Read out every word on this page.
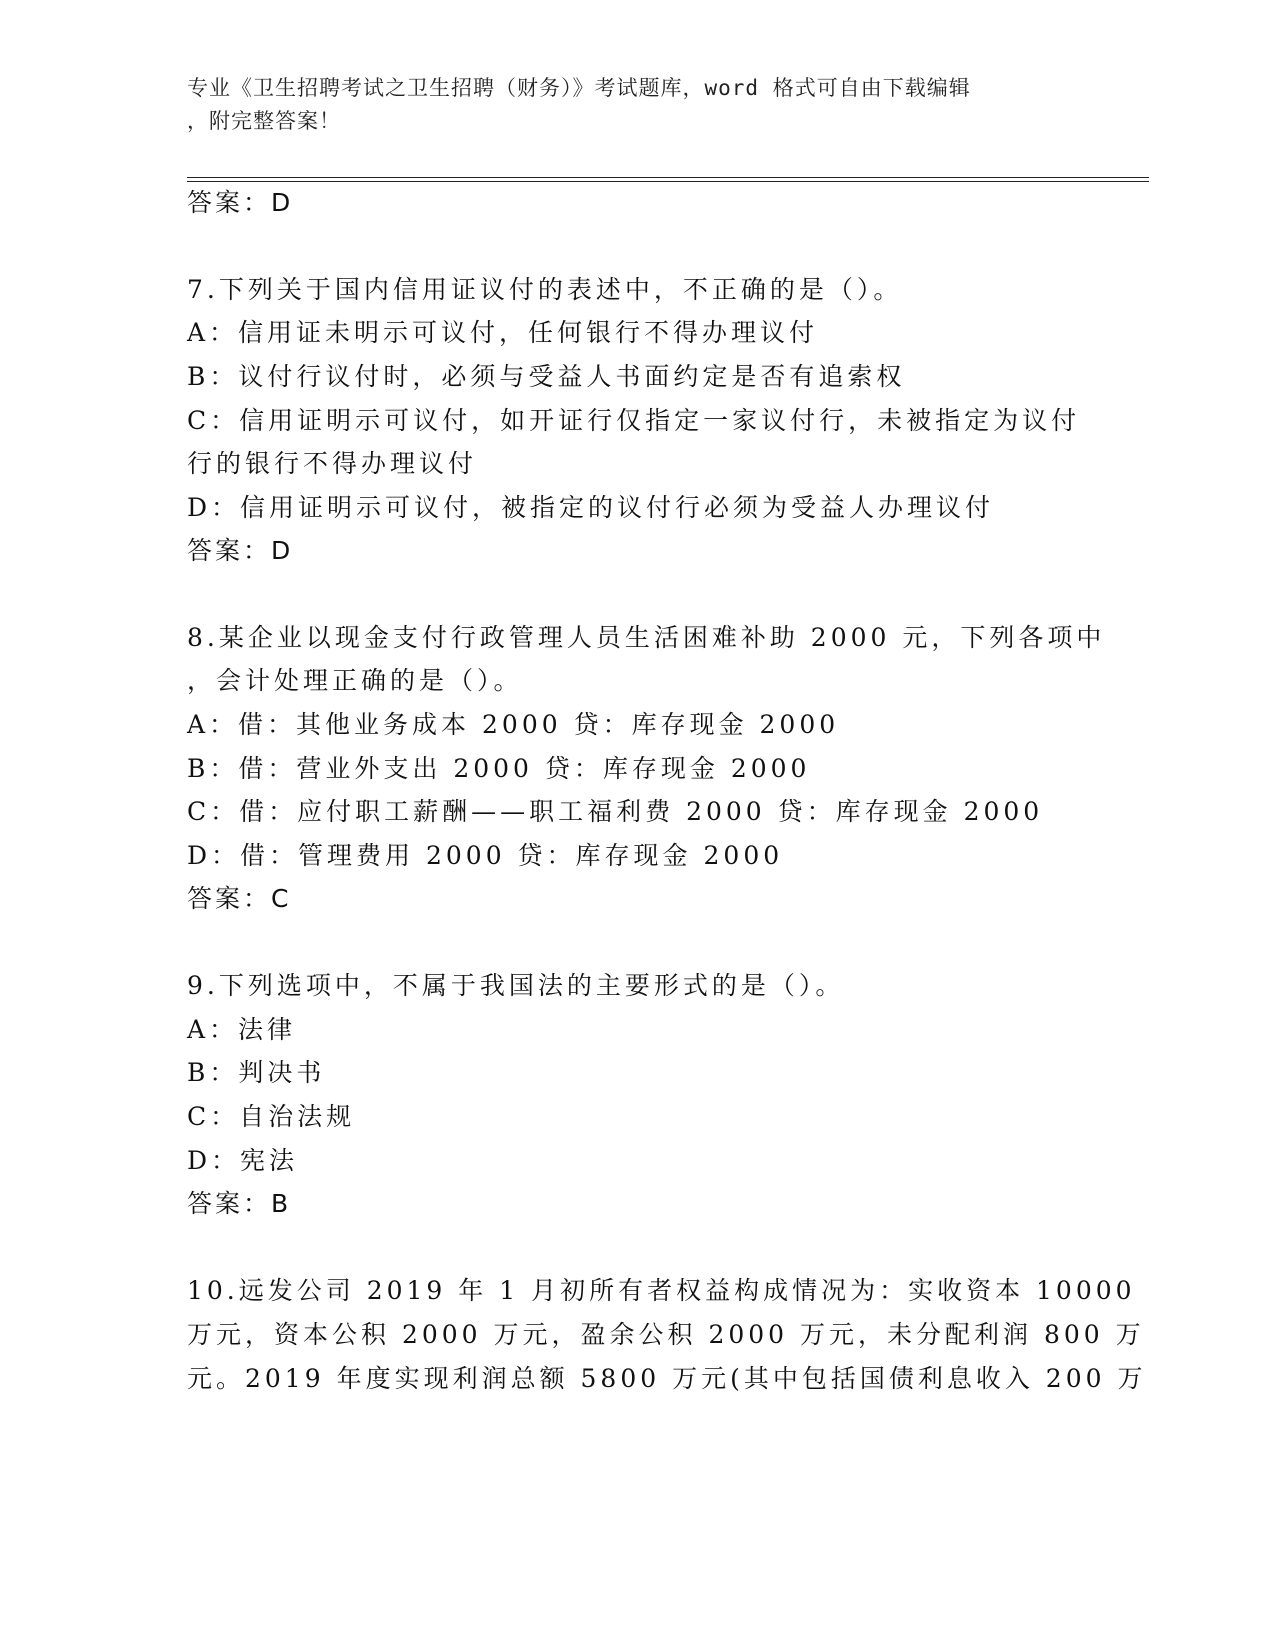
专业《卫生招聘考试之卫生招聘（财务）》考试题库，word 格式可自由下载编辑
，附完整答案！
答案：D
7.下列关于国内信用证议付的表述中，不正确的是（）。
A：信用证未明示可议付，任何银行不得办理议付
B：议付行议付时，必须与受益人书面约定是否有追索权
C：信用证明示可议付，如开证行仅指定一家议付行，未被指定为议付
行的银行不得办理议付
D：信用证明示可议付，被指定的议付行必须为受益人办理议付
答案：D
8.某企业以现金支付行政管理人员生活困难补助 2000 元，下列各项中
，会计处理正确的是（）。
A：借：其他业务成本 2000 贷：库存现金 2000
B：借：营业外支出 2000 贷：库存现金 2000
C：借：应付职工薪酬——职工福利费 2000 贷：库存现金 2000
D：借：管理费用 2000 贷：库存现金 2000
答案：C
9.下列选项中，不属于我国法的主要形式的是（）。
A：法律
B：判决书
C：自治法规
D：宪法
答案：B
10.远发公司 2019 年 1 月初所有者权益构成情况为：实收资本 10000
万元，资本公积 2000 万元，盈余公积 2000 万元，未分配利润 800 万
元。2019 年度实现利润总额 5800 万元(其中包括国债利息收入 200 万
